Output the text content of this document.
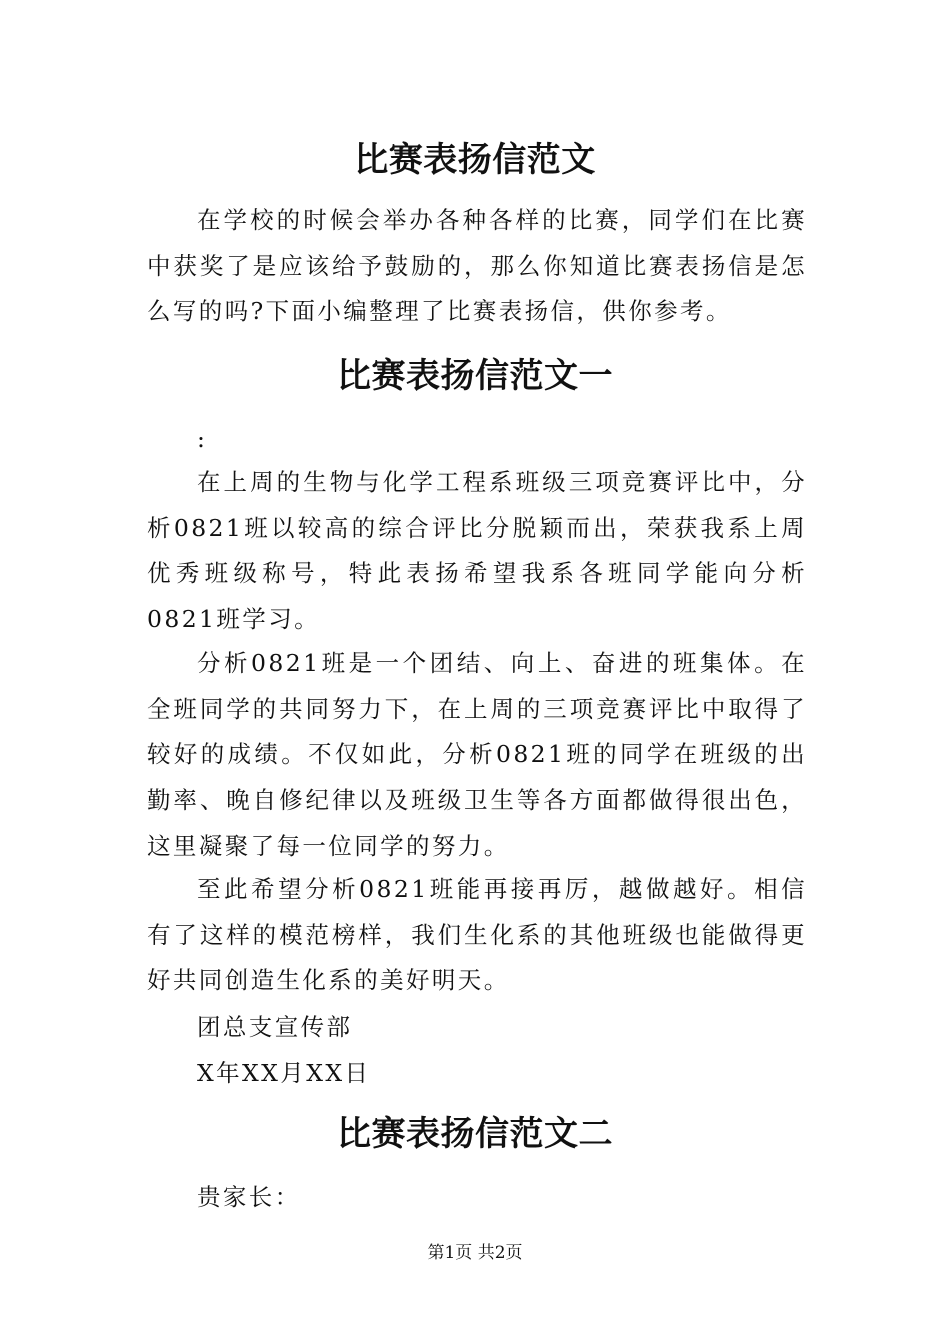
比赛表扬信范文

在学校的时候会举办各种各样的比赛，同学们在比赛中获奖了是应该给予鼓励的，那么你知道比赛表扬信是怎么写的吗?下面小编整理了比赛表扬信，供你参考。

比赛表扬信范文一

:

在上周的生物与化学工程系班级三项竞赛评比中，分析0821班以较高的综合评比分脱颖而出，荣获我系上周优秀班级称号，特此表扬希望我系各班同学能向分析0821班学习。

分析0821班是一个团结、向上、奋进的班集体。在全班同学的共同努力下，在上周的三项竞赛评比中取得了较好的成绩。不仅如此，分析0821班的同学在班级的出勤率、晚自修纪律以及班级卫生等各方面都做得很出色，这里凝聚了每一位同学的努力。

至此希望分析0821班能再接再厉，越做越好。相信有了这样的模范榜样，我们生化系的其他班级也能做得更好共同创造生化系的美好明天。

团总支宣传部

X年XX月XX日

比赛表扬信范文二

贵家长：

第1页 共2页
